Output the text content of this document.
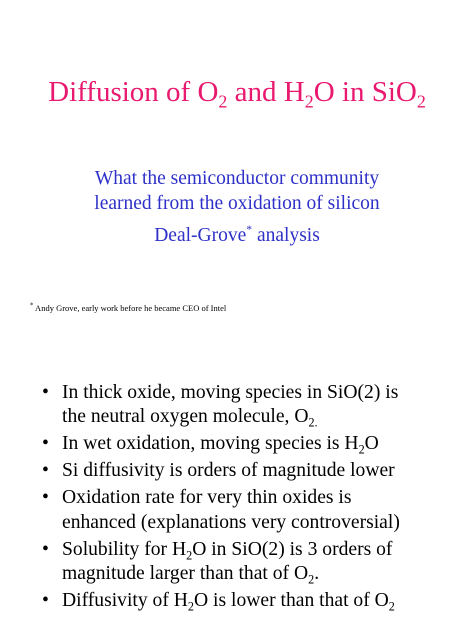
Diffusion of $O_2$ and $H_2O$ in SiO$_2$
What the semiconductor community
learned from the oxidation of silicon
Deal-Grove* analysis
* Andy Grove, early work before he became CEO of Intel
• In thick oxide, moving species in SiO(2) is
the neutral oxygen molecule, $O_{2.}$
• In wet oxidation, moving species is $H_2O$
• Si diffusivity is orders of magnitude lower
• Oxidation rate for very thin oxides is
enhanced (explanations very controversial)
• Solubility for $H_2O$ in SiO(2) is 3 orders of
magnitude larger than that of $O_2$.
• Diffusivity of $H_2O$ is lower than that of $O_2$
